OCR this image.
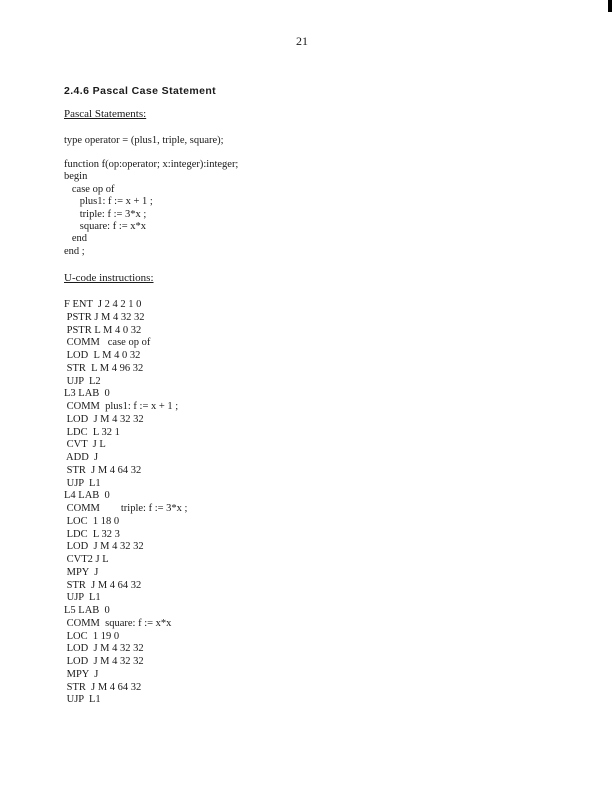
21
2.4.6 Pascal Case Statement
Pascal Statements:
type operator = (plus1, triple, square);
function f(op:operator; x:integer):integer;
begin
case op of
plus1: f := x + 1 ;
triple: f := 3*x ;
square: f := x*x
end
end ;
U-code instructions:
F ENT  J 2 4 2 1 0
PSTR J M 4 32 32
PSTR L M 4 0 32
COMM   case op of
LOD  L M 4 0 32
STR  L M 4 96 32
UJP  L2
L3 LAB  0
COMM  plus1: f := x + 1 ;
LOD  J M 4 32 32
LDC  L 32 1
CVT  J L
ADD  J
STR  J M 4 64 32
UJP  L1
L4 LAB  0
COMM        triple: f := 3*x ;
LOC  1 18 0
LDC  L 32 3
LOD  J M 4 32 32
CVT2 J L
MPY  J
STR  J M 4 64 32
UJP  L1
L5 LAB  0
COMM  square: f := x*x
LOC  1 19 0
LOD  J M 4 32 32
LOD  J M 4 32 32
MPY  J
STR  J M 4 64 32
UJP  L1
